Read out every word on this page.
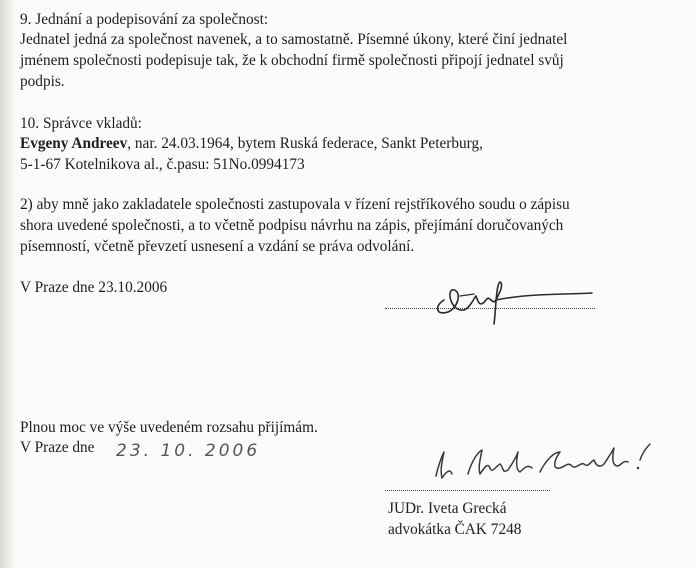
9. Jednání a podepisování za společnost:
Jednatel jedná za společnost navenek, a to samostatně. Písemné úkony, které činí jednatel
jménem společnosti podepisuje tak, že k obchodní firmě společnosti připojí jednatel svůj
podpis.
10. Správce vkladů:
Evgeny Andreev, nar. 24.03.1964, bytem Ruská federace, Sankt Peterburg,
5-1-67 Kotelnikova al., č.pasu: 51No.0994173
2) aby mně jako zakladatele společnosti zastupovala v řízení rejstříkového soudu o zápisu
shora uvedené společnosti, a to včetně podpisu návrhu na zápis, přejímání doručovaných
písemností, včetně převzetí usnesení a vzdání se práva odvolání.
V Praze dne 23.10.2006
Plnou moc ve výše uvedeném rozsahu přijímám.
V Praze dne 23. 10. 2006
JUDr. Iveta Grecká
advokátka ČAK 7248
